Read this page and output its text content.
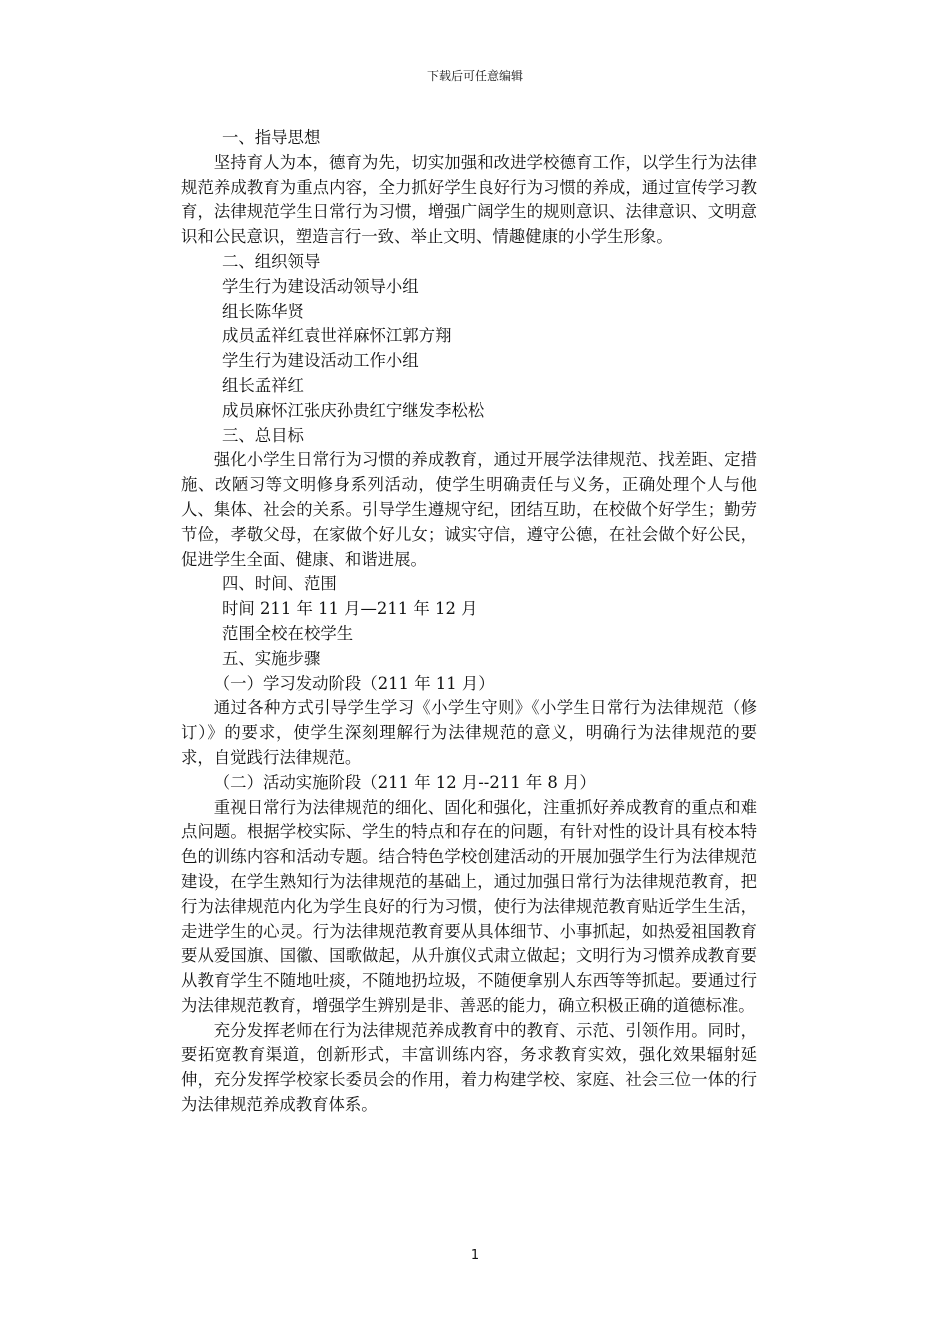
下载后可任意编辑

一、指导思想

坚持育人为本，德育为先，切实加强和改进学校德育工作，以学生行为法律规范养成教育为重点内容，全力抓好学生良好行为习惯的养成，通过宣传学习教育，法律规范学生日常行为习惯，增强广阔学生的规则意识、法律意识、文明意识和公民意识，塑造言行一致、举止文明、情趣健康的小学生形象。

二、组织领导

学生行为建设活动领导小组

组长陈华贤

成员孟祥红袁世祥麻怀江郭方翔

学生行为建设活动工作小组

组长孟祥红

成员麻怀江张庆孙贵红宁继发李松松

三、总目标

强化小学生日常行为习惯的养成教育，通过开展学法律规范、找差距、定措施、改陋习等文明修身系列活动，使学生明确责任与义务，正确处理个人与他人、集体、社会的关系。引导学生遵规守纪，团结互助，在校做个好学生；勤劳节俭，孝敬父母，在家做个好儿女；诚实守信，遵守公德，在社会做个好公民，促进学生全面、健康、和谐进展。

四、时间、范围

时间 211 年 11 月—211 年 12 月

范围全校在校学生

五、实施步骤

（一）学习发动阶段（211 年 11 月）

通过各种方式引导学生学习《小学生守则》《小学生日常行为法律规范（修订）》的要求，使学生深刻理解行为法律规范的意义，明确行为法律规范的要求，自觉践行法律规范。

（二）活动实施阶段（211 年 12 月--211 年 8 月）

重视日常行为法律规范的细化、固化和强化，注重抓好养成教育的重点和难点问题。根据学校实际、学生的特点和存在的问题，有针对性的设计具有校本特色的训练内容和活动专题。结合特色学校创建活动的开展加强学生行为法律规范建设，在学生熟知行为法律规范的基础上，通过加强日常行为法律规范教育，把行为法律规范内化为学生良好的行为习惯，使行为法律规范教育贴近学生生活，走进学生的心灵。行为法律规范教育要从具体细节、小事抓起，如热爱祖国教育要从爱国旗、国徽、国歌做起，从升旗仪式肃立做起；文明行为习惯养成教育要从教育学生不随地吐痰，不随地扔垃圾，不随便拿别人东西等等抓起。要通过行为法律规范教育，增强学生辨别是非、善恶的能力，确立积极正确的道德标准。

充分发挥老师在行为法律规范养成教育中的教育、示范、引领作用。同时，要拓宽教育渠道，创新形式，丰富训练内容，务求教育实效，强化效果辐射延伸，充分发挥学校家长委员会的作用，着力构建学校、家庭、社会三位一体的行为法律规范养成教育体系。

1
